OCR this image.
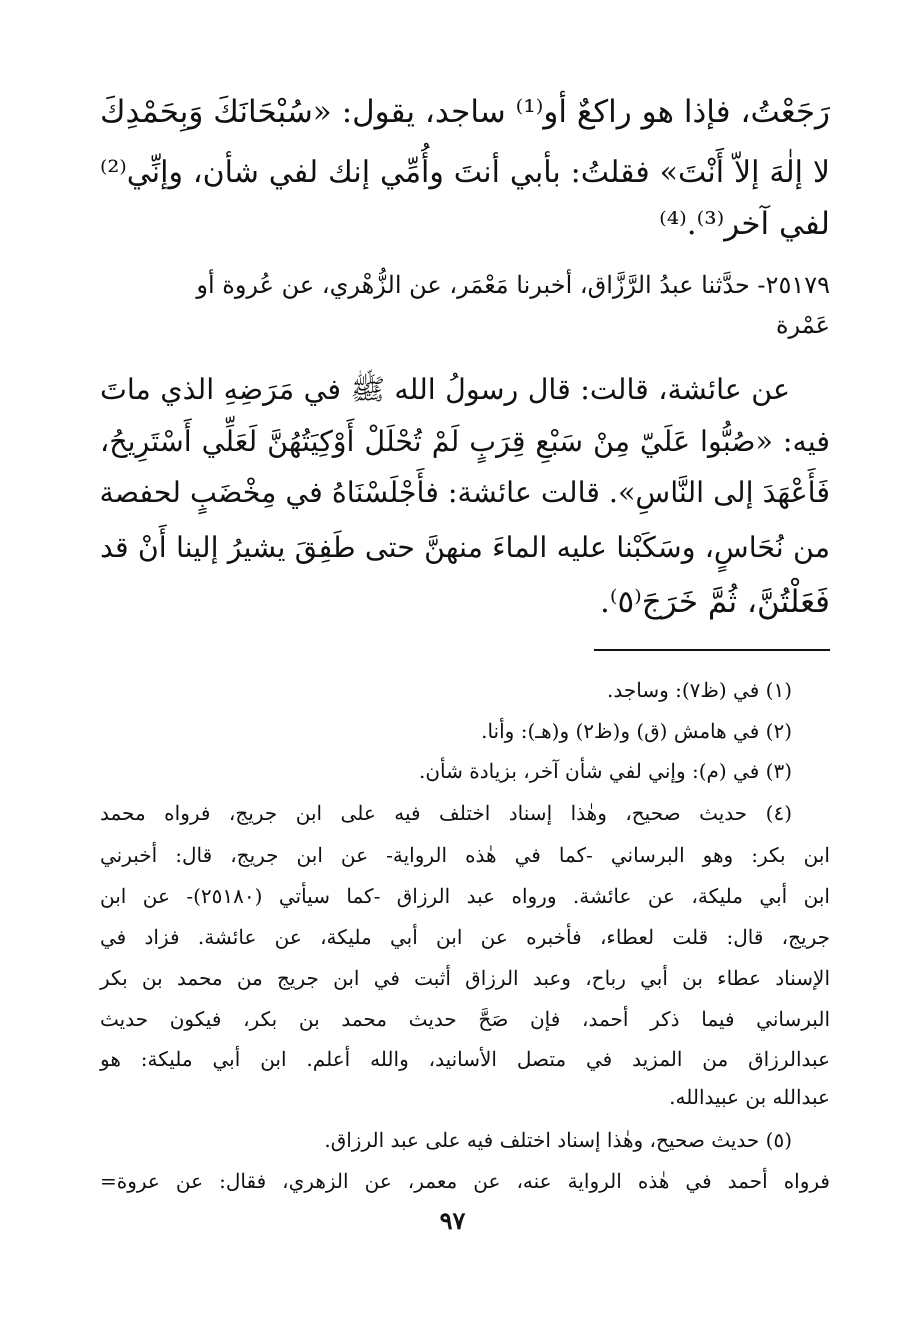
رَجَعْتُ، فإذا هو راكعٌ أو⁽¹⁾ ساجد، يقول: «سُبْحَانَكَ وَبِحَمْدِكَ
لا إلٰهَ إلاّ أَنْتَ» فقلتُ: بأبي أنتَ وأُمِّي إنك لفي شأن، وإنِّي⁽²⁾
لفي آخر⁽³⁾.⁽⁴⁾
٢٥١٧٩- حدَّثنا عبدُ الرَّزَّاق، أخبرنا مَعْمَر، عن الزُّهْري، عن عُروة أو
عَمْرة
عن عائشة، قالت: قال رسولُ الله ﷺ في مَرَضِهِ الذي ماتَ
فيه: «صُبُّوا عَلَيّ مِنْ سَبْعِ قِرَبٍ لَمْ تُحْلَلْ أَوْكِيَتُهُنَّ لَعَلِّي أَسْتَرِيحُ،
فَأَعْهَدَ إلى النَّاسِ». قالت عائشة: فأَجْلَسْنَاهُ في مِخْضَبٍ لحفصة
من نُحَاسٍ، وسَكَبْنا عليه الماءَ منهنَّ حتى طَفِقَ يشيرُ إلينا أَنْ قد
فَعَلْتُنَّ، ثُمَّ خَرَجَ⁽٥⁾.
(١) في (ظ٧): وساجد.
(٢) في هامش (ق) و(ظ٢) و(هـ): وأنا.
(٣) في (م): وإني لفي شأن آخر، بزيادة شأن.
(٤) حديث صحيح، وهٰذا إسناد اختلف فيه على ابن جريج، فرواه محمد
ابن بكر: وهو البرساني -كما في هٰذه الرواية- عن ابن جريج، قال: أخبرني
ابن أبي مليكة، عن عائشة. ورواه عبد الرزاق -كما سيأتي (٢٥١٨٠)- عن ابن
جريج، قال: قلت لعطاء، فأخبره عن ابن أبي مليكة، عن عائشة. فزاد في
الإسناد عطاء بن أبي رباح، وعبد الرزاق أثبت في ابن جريج من محمد بن بكر
البرساني فيما ذكر أحمد، فإن صَحَّ حديث محمد بن بكر، فيكون حديث
عبدالرزاق من المزيد في متصل الأسانيد، والله أعلم. ابن أبي مليكة: هو
عبدالله بن عبيدالله.
(٥) حديث صحيح، وهٰذا إسناد اختلف فيه على عبد الرزاق.
فرواه أحمد في هٰذه الرواية عنه، عن معمر، عن الزهري، فقال: عن عروة=
٩٧
